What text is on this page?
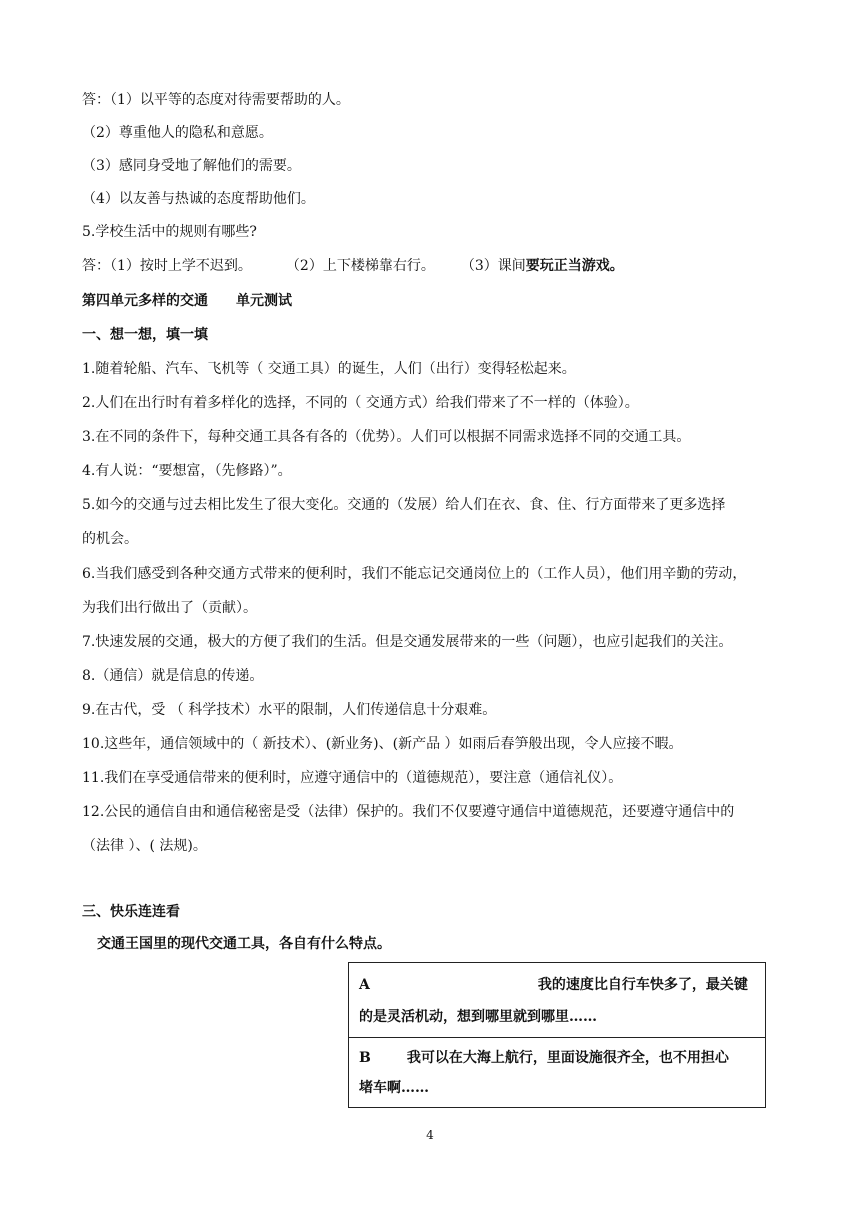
答：（1）以平等的态度对待需要帮助的人。
（2）尊重他人的隐私和意愿。
（3）感同身受地了解他们的需要。
（4）以友善与热诚的态度帮助他们。
5.学校生活中的规则有哪些?
答：（1）按时上学不迟到。 （2）上下楼梯靠右行。 （3）课间要玩正当游戏。
第四单元多样的交通 单元测试
一、想一想，填一填
1.随着轮船、汽车、飞机等（ 交通工具）的诞生，人们（出行）变得轻松起来。
2.人们在出行时有着多样化的选择，不同的（ 交通方式）给我们带来了不一样的（体验）。
3.在不同的条件下，每种交通工具各有各的（优势）。人们可以根据不同需求选择不同的交通工具。
4.有人说：“要想富，（先修路）”。
5.如今的交通与过去相比发生了很大变化。交通的（发展）给人们在衣、食、住、行方面带来了更多选择
的机会。
6.当我们感受到各种交通方式带来的便利时，我们不能忘记交通岗位上的（工作人员），他们用辛勤的劳动，
为我们出行做出了（贡献）。
7.快速发展的交通，极大的方便了我们的生活。但是交通发展带来的一些（问题），也应引起我们的关注。
8.（通信）就是信息的传递。
9.在古代，受 （ 科学技术）水平的限制，人们传递信息十分艰难。
10.这些年，通信领域中的（ 新技术）、(新业务)、(新产品 ）如雨后春笋般出现，令人应接不暇。
11.我们在享受通信带来的便利时，应遵守通信中的（道德规范），要注意（通信礼仪）。
12.公民的通信自由和通信秘密是受（法律）保护的。我们不仅要遵守通信中道德规范，还要遵守通信中的
（法律 ）、( 法规)。
三、快乐连连看
交通王国里的现代交通工具，各自有什么特点。
A	我的速度比自行车快多了，最关键
的是灵活机动，想到哪里就到哪里……
B	我可以在大海上航行，里面设施很齐全，也不用担心
堵车啊……
4
